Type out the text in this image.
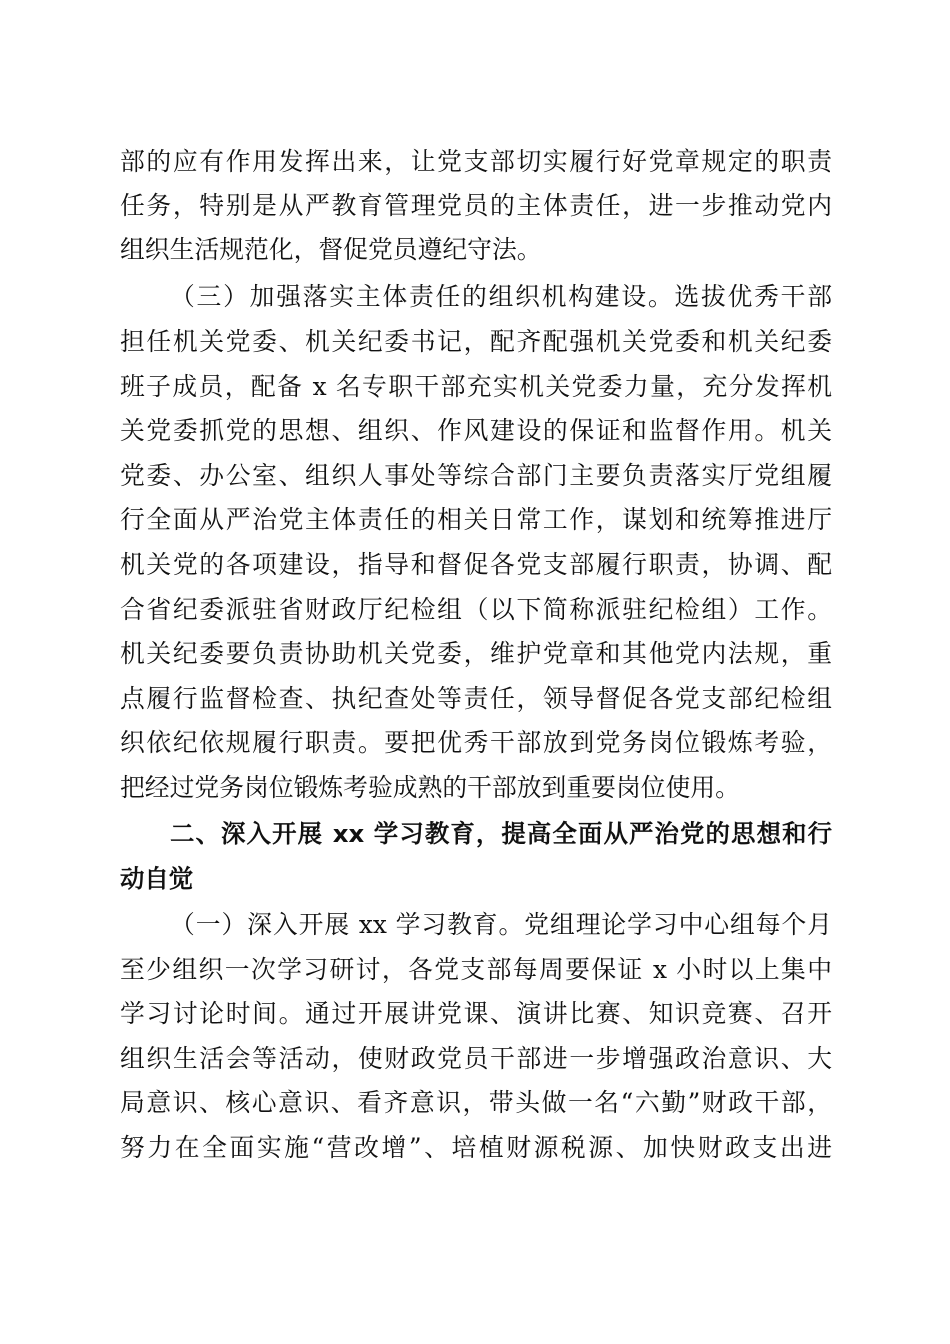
部的应有作用发挥出来，让党支部切实履行好党章规定的职责
任务，特别是从严教育管理党员的主体责任，进一步推动党内
组织生活规范化，督促党员遵纪守法。
（三）加强落实主体责任的组织机构建设。选拔优秀干部
担任机关党委、机关纪委书记，配齐配强机关党委和机关纪委
班子成员，配备 x 名专职干部充实机关党委力量，充分发挥机
关党委抓党的思想、组织、作风建设的保证和监督作用。机关
党委、办公室、组织人事处等综合部门主要负责落实厅党组履
行全面从严治党主体责任的相关日常工作，谋划和统筹推进厅
机关党的各项建设，指导和督促各党支部履行职责，协调、配
合省纪委派驻省财政厅纪检组（以下简称派驻纪检组）工作。
机关纪委要负责协助机关党委，维护党章和其他党内法规，重
点履行监督检查、执纪查处等责任，领导督促各党支部纪检组
织依纪依规履行职责。要把优秀干部放到党务岗位锻炼考验，
把经过党务岗位锻炼考验成熟的干部放到重要岗位使用。
二、深入开展 xx 学习教育，提高全面从严治党的思想和行
动自觉
（一）深入开展 xx 学习教育。党组理论学习中心组每个月
至少组织一次学习研讨，各党支部每周要保证 x 小时以上集中
学习讨论时间。通过开展讲党课、演讲比赛、知识竞赛、召开
组织生活会等活动，使财政党员干部进一步增强政治意识、大
局意识、核心意识、看齐意识，带头做一名“六勤”财政干部，
努力在全面实施“营改增”、培植财源税源、加快财政支出进
